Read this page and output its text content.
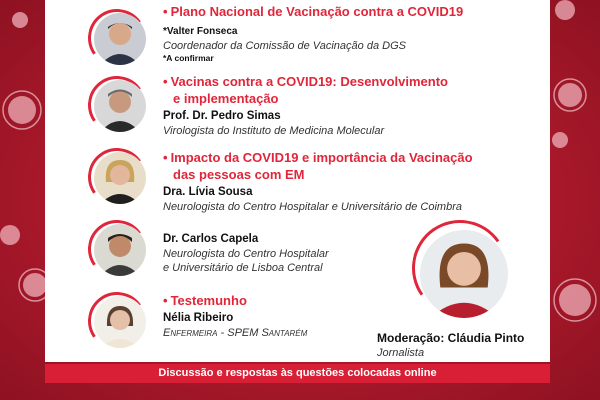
• Plano Nacional de Vacinação contra a COVID19
*Valter Fonseca
Coordenador da Comissão de Vacinação da DGS
*A confirmar
• Vacinas contra a COVID19: Desenvolvimento
e implementação
Prof. Dr. Pedro Simas
Virologista do Instituto de Medicina Molecular
• Impacto da COVID19 e importância da Vacinação
das pessoas com EM
Dra. Lívia Sousa
Neurologista do Centro Hospitalar e Universitário de Coimbra
Dr. Carlos Capela
Neurologista do Centro Hospitalar
e Universitário de Lisboa Central
• Testemunho
Nélia Ribeiro
Enfermeira - SPEM Santarém	Moderação: Cláudia Pinto
Jornalista
Discussão e respostas às questões colocadas online
